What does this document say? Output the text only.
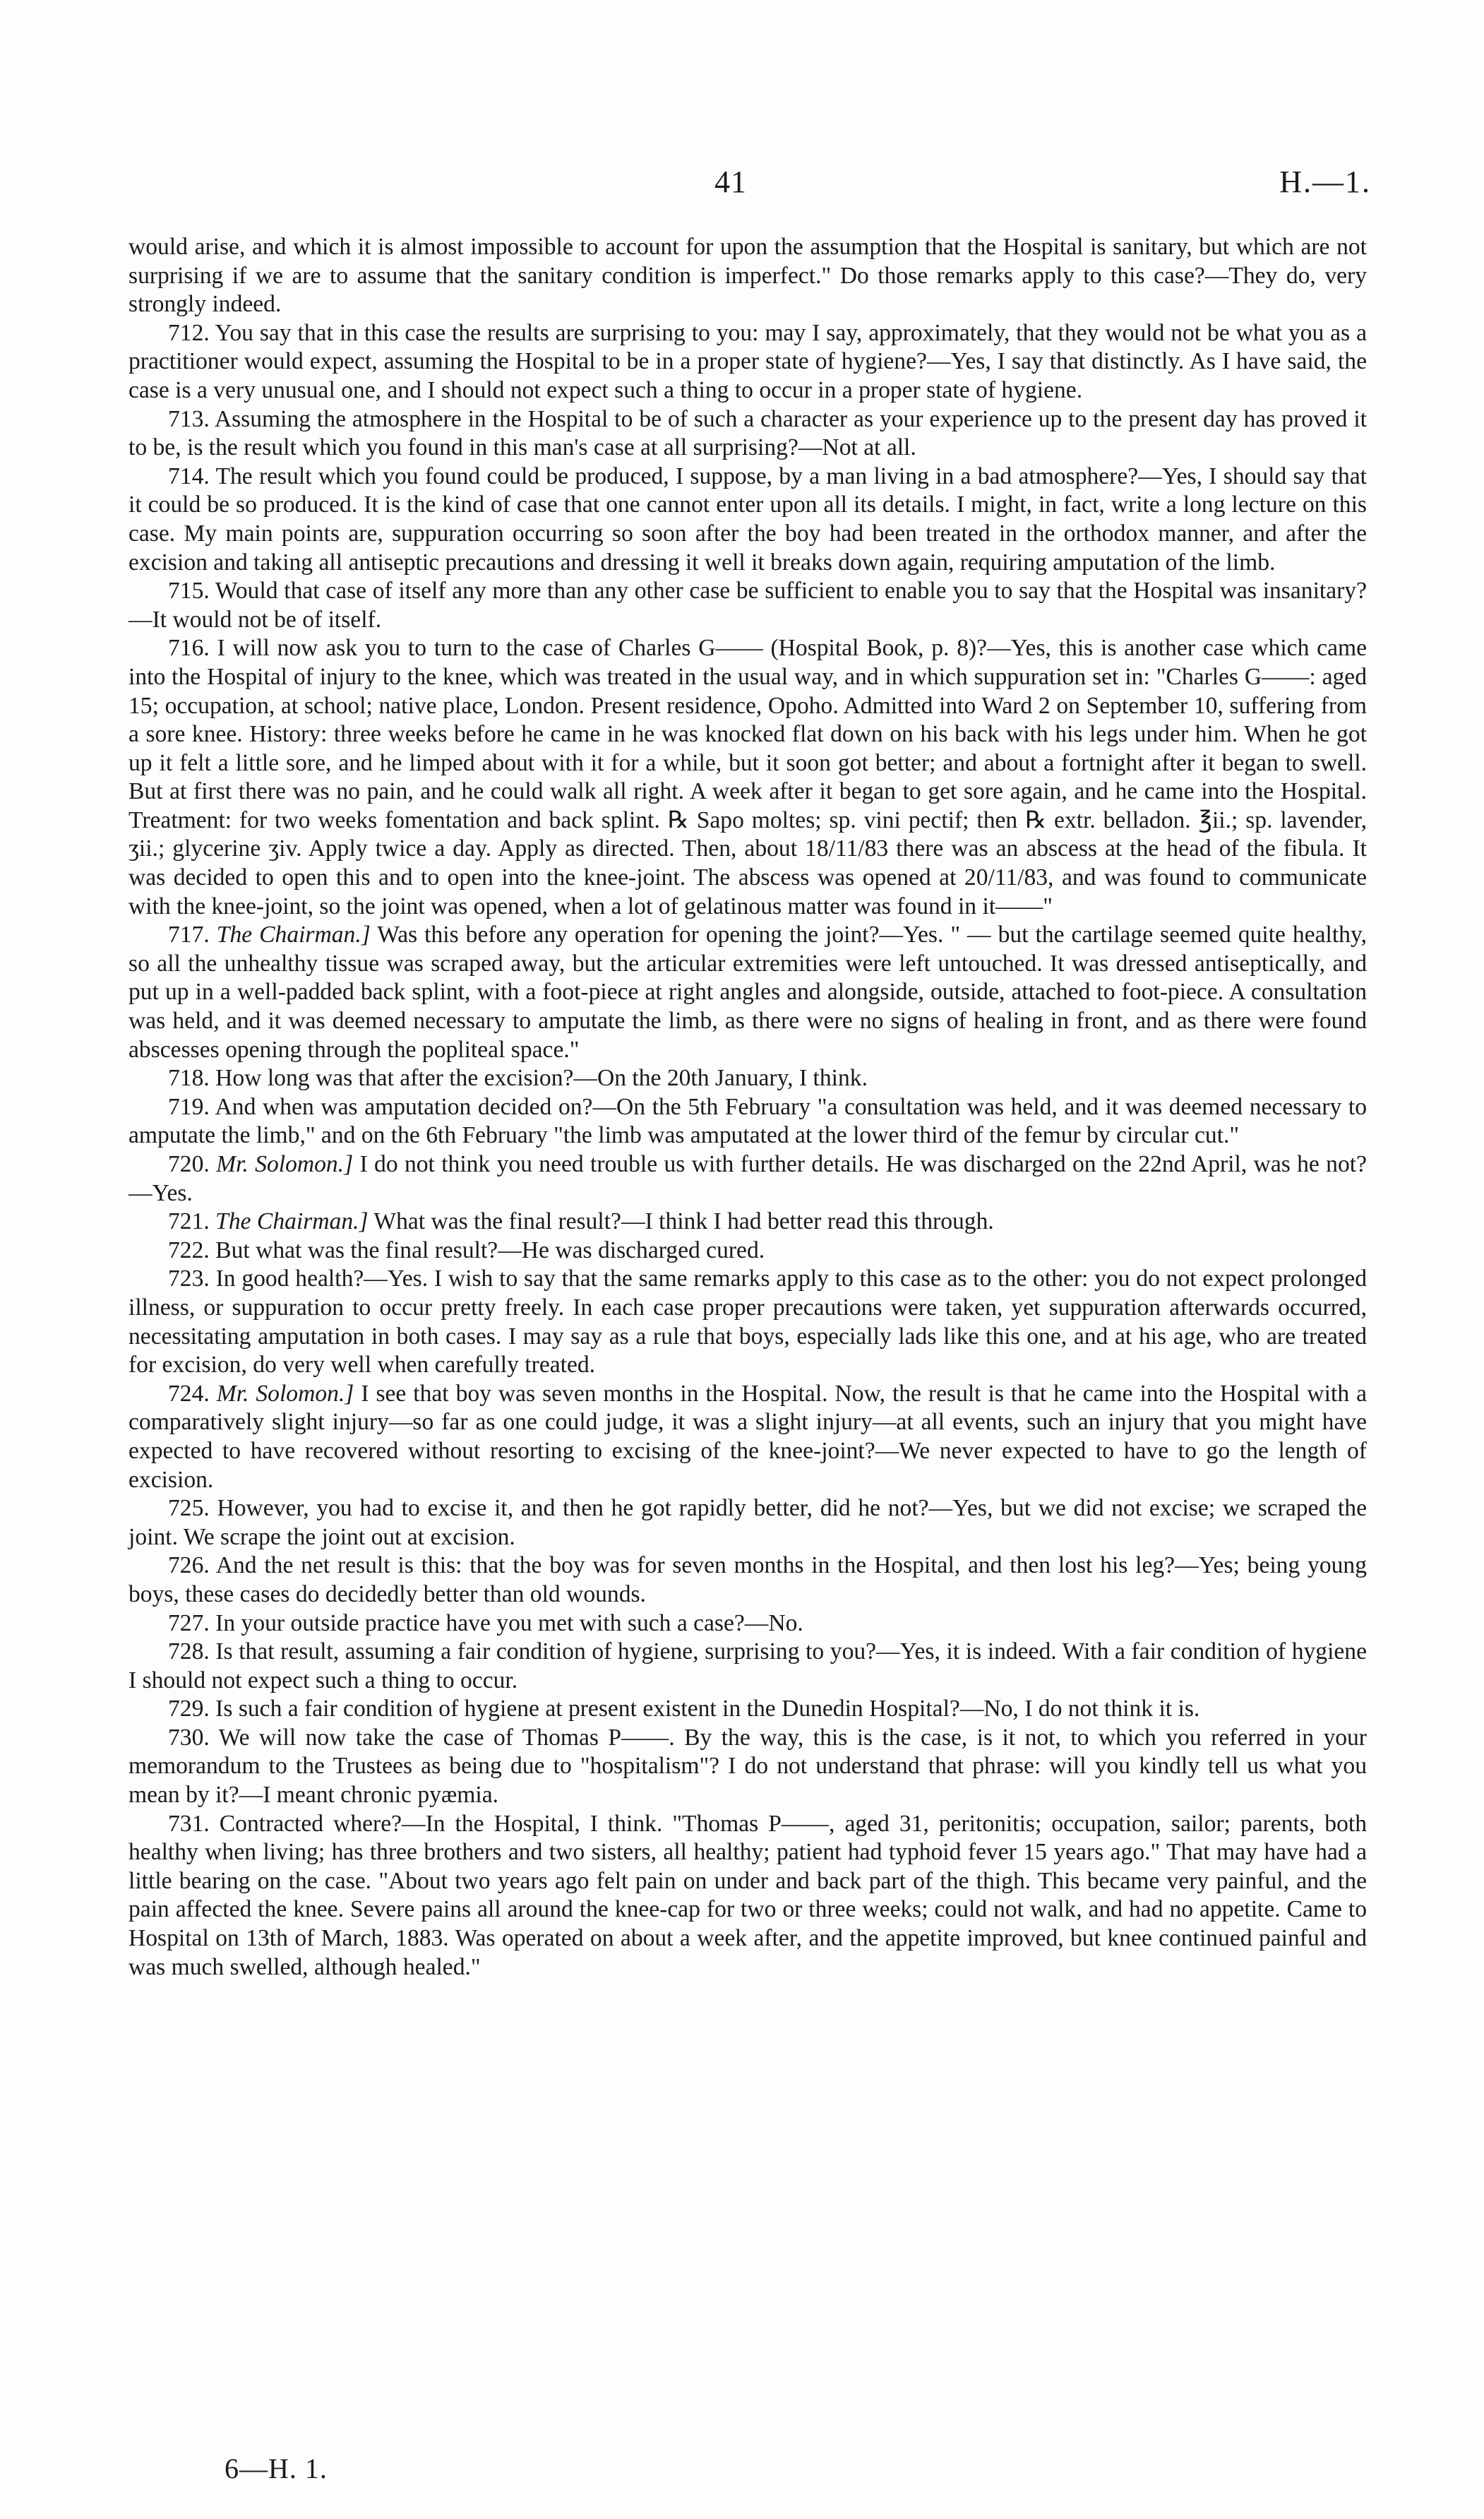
41	H.—1.

would arise, and which it is almost impossible to account for upon the assumption that the Hospital is sanitary, but which are not surprising if we are to assume that the sanitary condition is imperfect." Do those remarks apply to this case?—They do, very strongly indeed.

712. You say that in this case the results are surprising to you: may I say, approximately, that they would not be what you as a practitioner would expect, assuming the Hospital to be in a proper state of hygiene?—Yes, I say that distinctly. As I have said, the case is a very unusual one, and I should not expect such a thing to occur in a proper state of hygiene.

713. Assuming the atmosphere in the Hospital to be of such a character as your experience up to the present day has proved it to be, is the result which you found in this man's case at all surprising?—Not at all.

714. The result which you found could be produced, I suppose, by a man living in a bad atmosphere?—Yes, I should say that it could be so produced. It is the kind of case that one cannot enter upon all its details. I might, in fact, write a long lecture on this case. My main points are, suppuration occurring so soon after the boy had been treated in the orthodox manner, and after the excision and taking all antiseptic precautions and dressing it well it breaks down again, requiring amputation of the limb.

715. Would that case of itself any more than any other case be sufficient to enable you to say that the Hospital was insanitary?—It would not be of itself.

716. I will now ask you to turn to the case of Charles G—— (Hospital Book, p. 8)?—Yes, this is another case which came into the Hospital of injury to the knee, which was treated in the usual way, and in which suppuration set in: "Charles G——: aged 15; occupation, at school; native place, London. Present residence, Opoho. Admitted into Ward 2 on September 10, suffering from a sore knee. History: three weeks before he came in he was knocked flat down on his back with his legs under him. When he got up it felt a little sore, and he limped about with it for a while, but it soon got better; and about a fortnight after it began to swell. But at first there was no pain, and he could walk all right. A week after it began to get sore again, and he came into the Hospital. Treatment: for two weeks fomentation and back splint. ℞ Sapo moltes; sp. vini pectif; then ℞ extr. belladon. ℥ii.; sp. lavender, ʒii.; glycerine ʒiv. Apply twice a day. Apply as directed. Then, about 18/11/83 there was an abscess at the head of the fibula. It was decided to open this and to open into the knee-joint. The abscess was opened at 20/11/83, and was found to communicate with the knee-joint, so the joint was opened, when a lot of gelatinous matter was found in it——"

717. The Chairman.] Was this before any operation for opening the joint?—Yes. " — but the cartilage seemed quite healthy, so all the unhealthy tissue was scraped away, but the articular extremities were left untouched. It was dressed antiseptically, and put up in a well-padded back splint, with a foot-piece at right angles and alongside, outside, attached to foot-piece. A consultation was held, and it was deemed necessary to amputate the limb, as there were no signs of healing in front, and as there were found abscesses opening through the popliteal space."

718. How long was that after the excision?—On the 20th January, I think.

719. And when was amputation decided on?—On the 5th February "a consultation was held, and it was deemed necessary to amputate the limb," and on the 6th February "the limb was amputated at the lower third of the femur by circular cut."

720. Mr. Solomon.] I do not think you need trouble us with further details. He was discharged on the 22nd April, was he not?—Yes.

721. The Chairman.] What was the final result?—I think I had better read this through.

722. But what was the final result?—He was discharged cured.

723. In good health?—Yes. I wish to say that the same remarks apply to this case as to the other: you do not expect prolonged illness, or suppuration to occur pretty freely. In each case proper precautions were taken, yet suppuration afterwards occurred, necessitating amputation in both cases. I may say as a rule that boys, especially lads like this one, and at his age, who are treated for excision, do very well when carefully treated.

724. Mr. Solomon.] I see that boy was seven months in the Hospital. Now, the result is that he came into the Hospital with a comparatively slight injury—so far as one could judge, it was a slight injury—at all events, such an injury that you might have expected to have recovered without resorting to excising of the knee-joint?—We never expected to have to go the length of excision.

725. However, you had to excise it, and then he got rapidly better, did he not?—Yes, but we did not excise; we scraped the joint. We scrape the joint out at excision.

726. And the net result is this: that the boy was for seven months in the Hospital, and then lost his leg?—Yes; being young boys, these cases do decidedly better than old wounds.

727. In your outside practice have you met with such a case?—No.

728. Is that result, assuming a fair condition of hygiene, surprising to you?—Yes, it is indeed. With a fair condition of hygiene I should not expect such a thing to occur.

729. Is such a fair condition of hygiene at present existent in the Dunedin Hospital?—No, I do not think it is.

730. We will now take the case of Thomas P——. By the way, this is the case, is it not, to which you referred in your memorandum to the Trustees as being due to "hospitalism"? I do not understand that phrase: will you kindly tell us what you mean by it?—I meant chronic pyæmia.

731. Contracted where?—In the Hospital, I think. "Thomas P——, aged 31, peritonitis; occupation, sailor; parents, both healthy when living; has three brothers and two sisters, all healthy; patient had typhoid fever 15 years ago." That may have had a little bearing on the case. "About two years ago felt pain on under and back part of the thigh. This became very painful, and the pain affected the knee. Severe pains all around the knee-cap for two or three weeks; could not walk, and had no appetite. Came to Hospital on 13th of March, 1883. Was operated on about a week after, and the appetite improved, but knee continued painful and was much swelled, although healed."

6—H. 1.
